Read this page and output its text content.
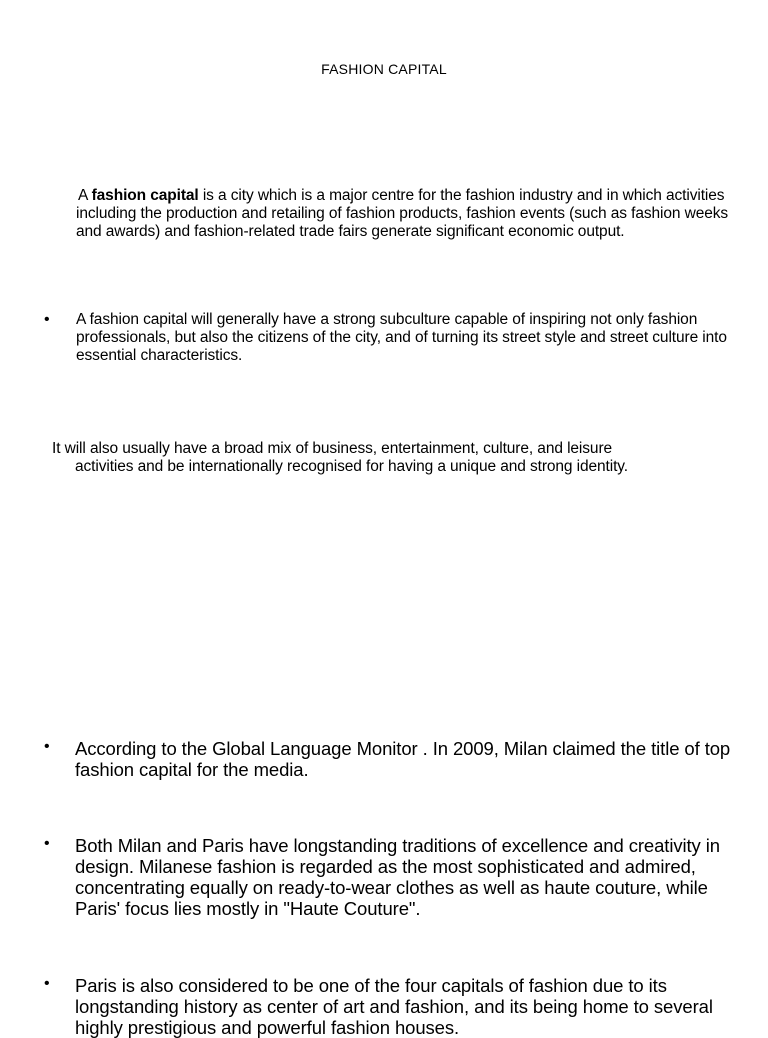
FASHION CAPITAL
A fashion capital is a city which is a major centre for the fashion industry and in which activities including the production and retailing of fashion products, fashion events (such as fashion weeks and awards) and fashion-related trade fairs generate significant economic output.
• A fashion capital will generally have a strong subculture capable of inspiring not only fashion professionals, but also the citizens of the city, and of turning its street style and street culture into essential characteristics.
It will also usually have a broad mix of business, entertainment, culture, and leisure
activities and be internationally recognised for having a unique and strong identity.
• According to the Global Language Monitor . In 2009, Milan claimed the title of top fashion capital for the media.
• Both Milan and Paris have longstanding traditions of excellence and creativity in design. Milanese fashion is regarded as the most sophisticated and admired, concentrating equally on ready-to-wear clothes as well as haute couture, while Paris' focus lies mostly in "Haute Couture".
• Paris is also considered to be one of the four capitals of fashion due to its longstanding history as center of art and fashion, and its being home to several highly prestigious and powerful fashion houses.
